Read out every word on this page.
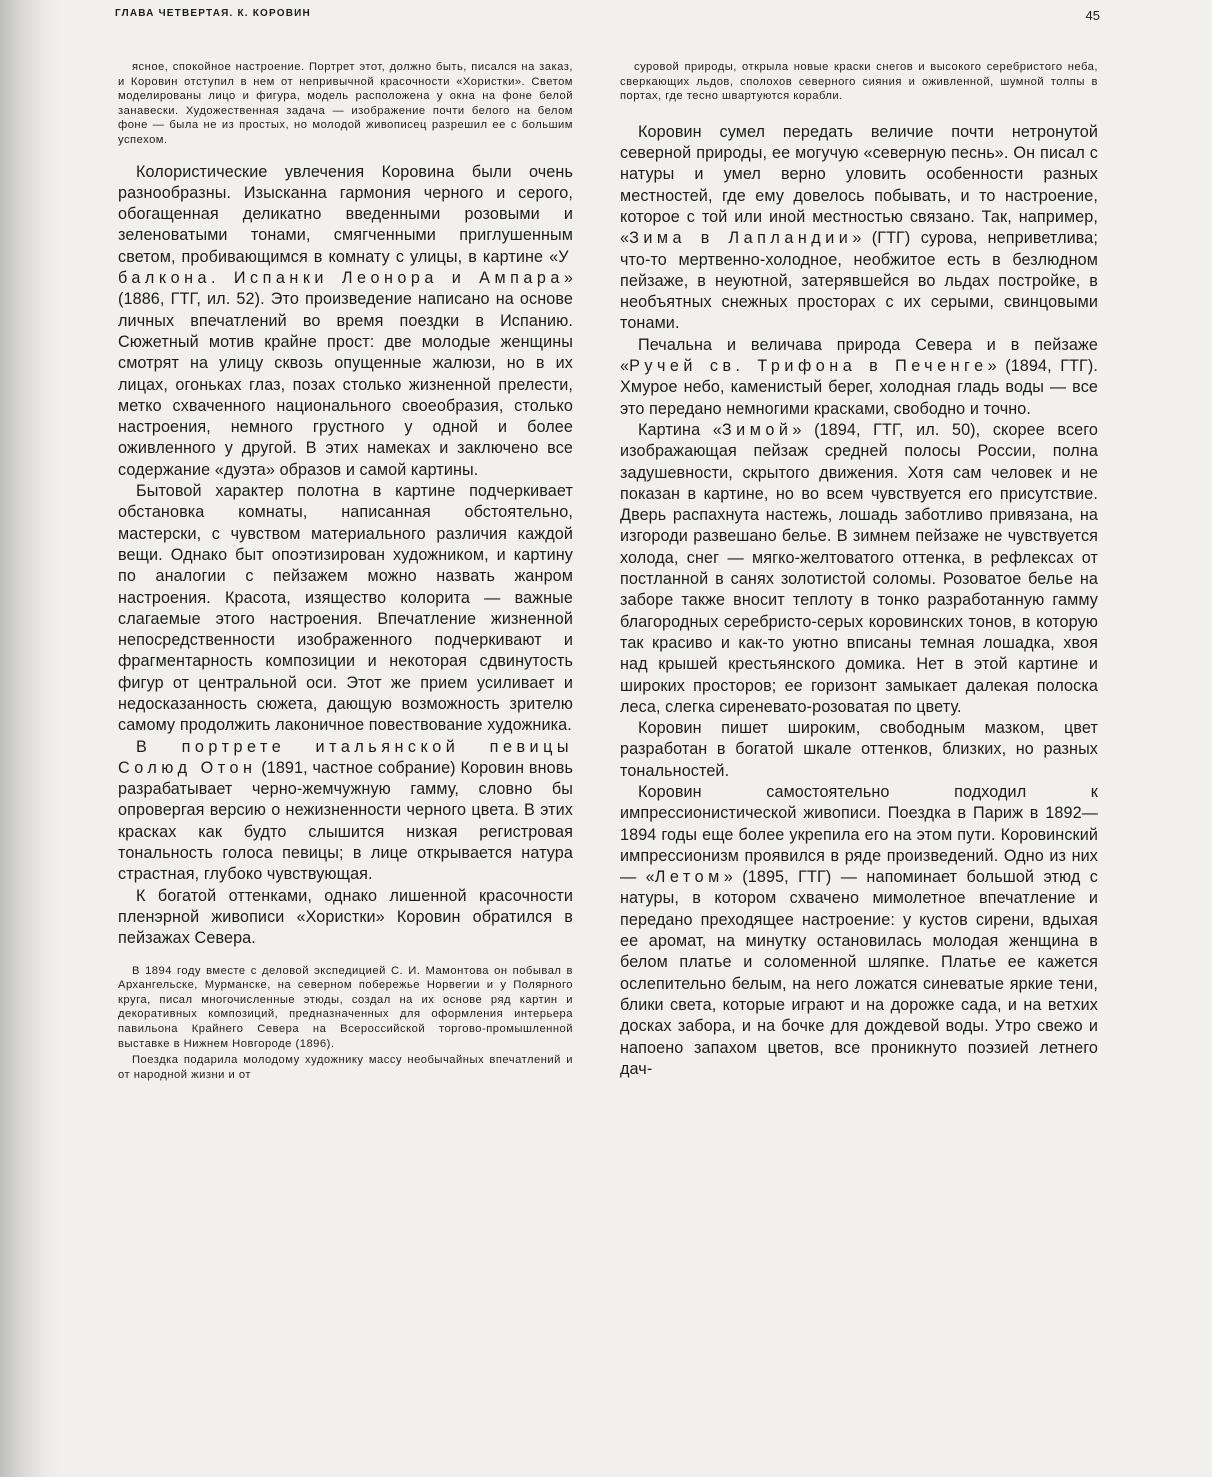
ГЛАВА ЧЕТВЕРТАЯ. К. КОРОВИН	45

ясное, спокойное настроение. Портрет этот, должно быть, писался на заказ, и Коровин отступил в нем от непривычной красочности «Хористки». Светом моделированы лицо и фигура, модель расположена у окна на фоне белой занавески. Художественная задача — изображение почти белого на белом фоне — была не из простых, но молодой живописец разрешил ее с большим успехом.

Колористические увлечения Коровина были очень разнообразны. Изысканна гармония черного и серого, обогащенная деликатно введенными розовыми и зеленоватыми тонами, смягченными приглушенным светом, пробивающимся в комнату с улицы, в картине «У балкона. Испанки Леонора и Ампара» (1886, ГТГ, ил. 52). Это произведение написано на основе личных впечатлений во время поездки в Испанию. Сюжетный мотив крайне прост: две молодые женщины смотрят на улицу сквозь опущенные жалюзи, но в их лицах, огоньках глаз, позах столько жизненной прелести, метко схваченного национального своеобразия, столько настроения, немного грустного у одной и более оживленного у другой. В этих намеках и заключено все содержание «дуэта» образов и самой картины.

Бытовой характер полотна в картине подчеркивает обстановка комнаты, написанная обстоятельно, мастерски, с чувством материального различия каждой вещи. Однако быт опоэтизирован художником, и картину по аналогии с пейзажем можно назвать жанром настроения. Красота, изящество колорита — важные слагаемые этого настроения. Впечатление жизненной непосредственности изображенного подчеркивают и фрагментарность композиции и некоторая сдвинутость фигур от центральной оси. Этот же прием усиливает и недосказанность сюжета, дающую возможность зрителю самому продолжить лаконичное повествование художника.

В портрете итальянской певицы Солюд Отон (1891, частное собрание) Коровин вновь разрабатывает черно-жемчужную гамму, словно бы опровергая версию о нежизненности черного цвета. В этих красках как будто слышится низкая регистровая тональность голоса певицы; в лице открывается натура страстная, глубоко чувствующая.

К богатой оттенками, однако лишенной красочности пленэрной живописи «Хористки» Коровин обратился в пейзажах Севера.

В 1894 году вместе с деловой экспедицией С. И. Мамонтова он побывал в Архангельске, Мурманске, на северном побережье Норвегии и у Полярного круга, писал многочисленные этюды, создал на их основе ряд картин и декоративных композиций, предназначенных для оформления интерьера павильона Крайнего Севера на Всероссийской торгово-промышленной выставке в Нижнем Новгороде (1896).

Поездка подарила молодому художнику массу необычайных впечатлений и от народной жизни и от

суровой природы, открыла новые краски снегов и высокого серебристого неба, сверкающих льдов, сполохов северного сияния и оживленной, шумной толпы в портах, где тесно швартуются корабли.

Коровин сумел передать величие почти нетронутой северной природы, ее могучую «северную песнь». Он писал с натуры и умел верно уловить особенности разных местностей, где ему довелось побывать, и то настроение, которое с той или иной местностью связано. Так, например, «Зима в Лапландии» (ГТГ) сурова, неприветлива; что-то мертвенно-холодное, необжитое есть в безлюдном пейзаже, в неуютной, затерявшейся во льдах постройке, в необъятных снежных просторах с их серыми, свинцовыми тонами.

Печальна и величава природа Севера и в пейзаже «Ручей св. Трифона в Печенге» (1894, ГТГ). Хмурое небо, каменистый берег, холодная гладь воды — все это передано немногими красками, свободно и точно.

Картина «Зимой» (1894, ГТГ, ил. 50), скорее всего изображающая пейзаж средней полосы России, полна задушевности, скрытого движения. Хотя сам человек и не показан в картине, но во всем чувствуется его присутствие. Дверь распахнута настежь, лошадь заботливо привязана, на изгороди развешано белье. В зимнем пейзаже не чувствуется холода, снег — мягко-желтоватого оттенка, в рефлексах от постланной в санях золотистой соломы. Розоватое белье на заборе также вносит теплоту в тонко разработанную гамму благородных серебристо-серых коровинских тонов, в которую так красиво и как-то уютно вписаны темная лошадка, хвоя над крышей крестьянского домика. Нет в этой картине и широких просторов; ее горизонт замыкает далекая полоска леса, слегка сиреневато-розоватая по цвету.

Коровин пишет широким, свободным мазком, цвет разработан в богатой шкале оттенков, близких, но разных тональностей.

Коровин самостоятельно подходил к импрессионистической живописи. Поездка в Париж в 1892—1894 годы еще более укрепила его на этом пути. Коровинский импрессионизм проявился в ряде произведений. Одно из них — «Летом» (1895, ГТГ) — напоминает большой этюд с натуры, в котором схвачено мимолетное впечатление и передано преходящее настроение: у кустов сирени, вдыхая ее аромат, на минутку остановилась молодая женщина в белом платье и соломенной шляпке. Платье ее кажется ослепительно белым, на него ложатся синеватые яркие тени, блики света, которые играют и на дорожке сада, и на ветхих досках забора, и на бочке для дождевой воды. Утро свежо и напоено запахом цветов, все проникнуто поэзией летнего дач-
